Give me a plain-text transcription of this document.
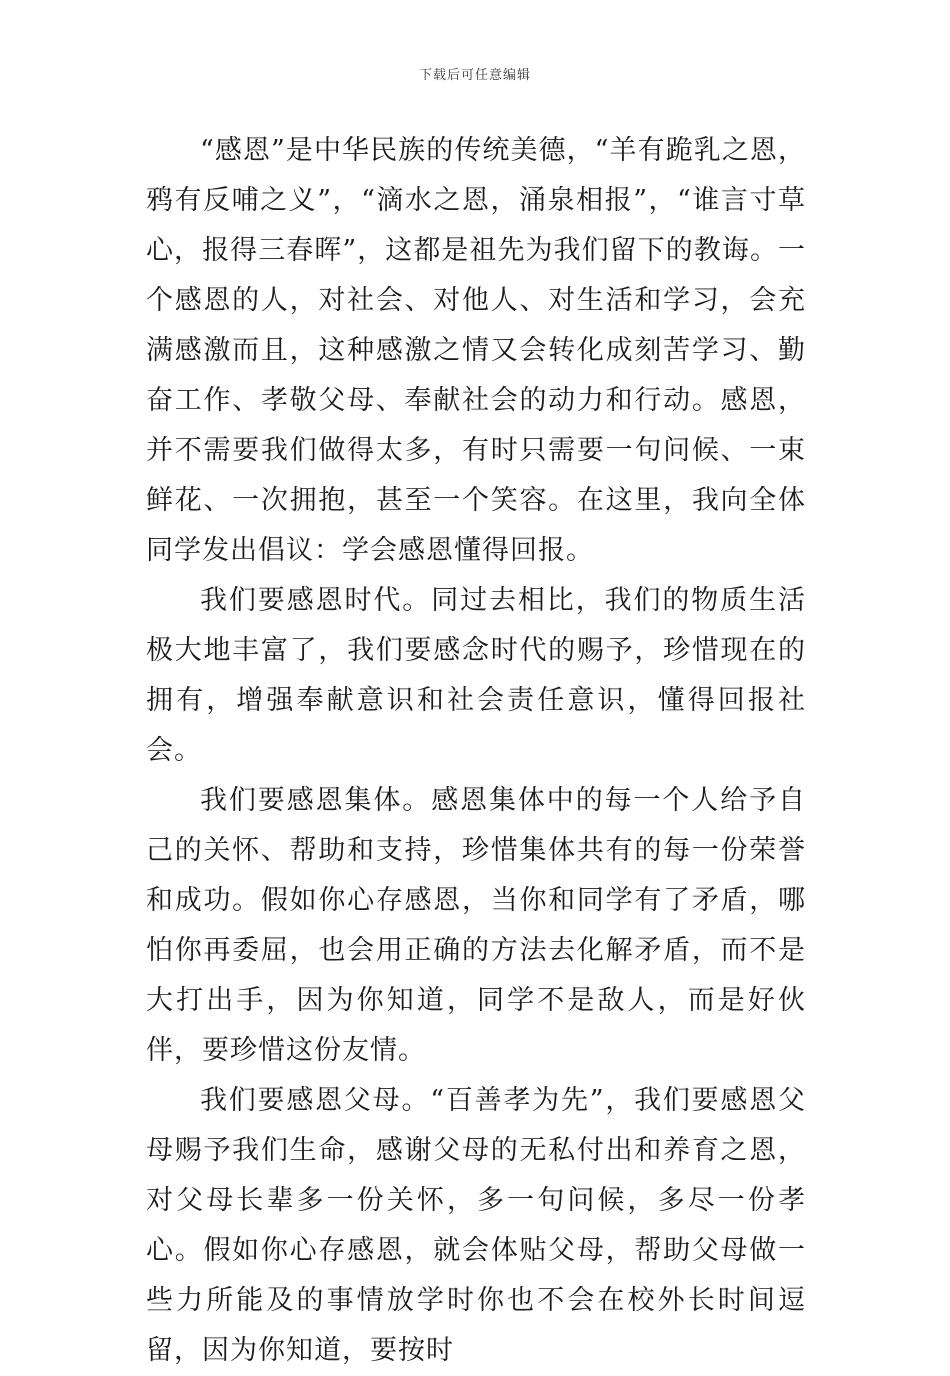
下载后可任意编辑

“感恩”是中华民族的传统美德，“羊有跪乳之恩，鸦有反哺之义”，“滴水之恩，涌泉相报”，“谁言寸草心，报得三春晖”，这都是祖先为我们留下的教诲。一个感恩的人，对社会、对他人、对生活和学习，会充满感激而且，这种感激之情又会转化成刻苦学习、勤奋工作、孝敬父母、奉献社会的动力和行动。感恩，并不需要我们做得太多，有时只需要一句问候、一束鲜花、一次拥抱，甚至一个笑容。在这里，我向全体同学发出倡议：学会感恩懂得回报。

我们要感恩时代。同过去相比，我们的物质生活极大地丰富了，我们要感念时代的赐予，珍惜现在的拥有，增强奉献意识和社会责任意识，懂得回报社会。

我们要感恩集体。感恩集体中的每一个人给予自己的关怀、帮助和支持，珍惜集体共有的每一份荣誉和成功。假如你心存感恩，当你和同学有了矛盾，哪怕你再委屈，也会用正确的方法去化解矛盾，而不是大打出手，因为你知道，同学不是敌人，而是好伙伴，要珍惜这份友情。

我们要感恩父母。“百善孝为先”，我们要感恩父母赐予我们生命，感谢父母的无私付出和养育之恩，对父母长辈多一份关怀，多一句问候，多尽一份孝心。假如你心存感恩，就会体贴父母，帮助父母做一些力所能及的事情放学时你也不会在校外长时间逗留，因为你知道，要按时
